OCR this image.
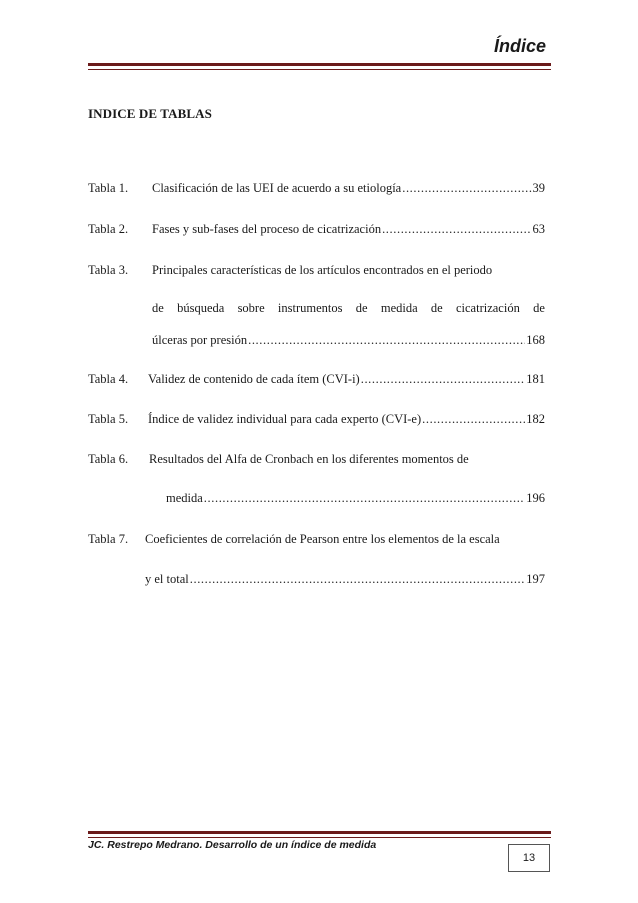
Índice
INDICE DE TABLAS
Tabla 1. Clasificación de las UEI de acuerdo a su etiología .....	39
Tabla 2. Fases y sub-fases del proceso de cicatrización .....	63
Tabla 3. Principales características de los artículos encontrados en el periodo
de búsqueda sobre instrumentos de medida de cicatrización de
úlceras por presión .....	168
Tabla 4. Validez de contenido de cada ítem (CVI-i) .....	181
Tabla 5. Índice de validez individual para cada experto (CVI-e) .....	182
Tabla 6. Resultados del Alfa de Cronbach en los diferentes momentos de
medida .....	196
Tabla 7. Coeficientes de correlación de Pearson entre los elementos de la escala
y el total .....	197
JC. Restrepo Medrano. Desarrollo de un índice de medida
13
